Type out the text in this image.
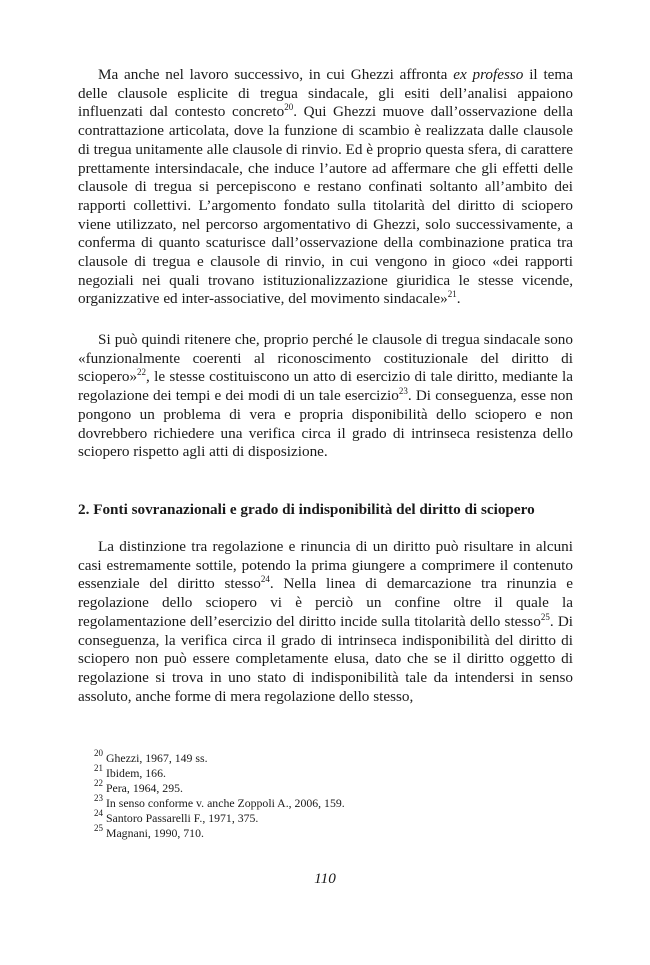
Ma anche nel lavoro successivo, in cui Ghezzi affronta ex professo il tema delle clausole esplicite di tregua sindacale, gli esiti dell’analisi appaiono influenzati dal contesto concreto$^{20}$. Qui Ghezzi muove dall’osservazione della contrattazione articolata, dove la funzione di scambio è realizzata dalle clausole di tregua unitamente alle clausole di rinvio. Ed è proprio questa sfera, di carattere prettamente intersindacale, che induce l’autore ad affermare che gli effetti delle clausole di tregua si percepiscono e restano confinati soltanto all’ambito dei rapporti collettivi. L’argomento fondato sulla titolarità del diritto di sciopero viene utilizzato, nel percorso argomentativo di Ghezzi, solo successivamente, a conferma di quanto scaturisce dall’osservazione della combinazione pratica tra clausole di tregua e clausole di rinvio, in cui vengono in gioco «dei rapporti negoziali nei quali trovano istituzionalizzazione giuridica le stesse vicende, organizzative ed inter-associative, del movimento sindacale»$^{21}$.

Si può quindi ritenere che, proprio perché le clausole di tregua sindacale sono «funzionalmente coerenti al riconoscimento costituzionale del diritto di sciopero»$^{22}$, le stesse costituiscono un atto di esercizio di tale diritto, mediante la regolazione dei tempi e dei modi di un tale esercizio$^{23}$. Di conseguenza, esse non pongono un problema di vera e propria disponibilità dello sciopero e non dovrebbero richiedere una verifica circa il grado di intrinseca resistenza dello sciopero rispetto agli atti di disposizione.

2. Fonti sovranazionali e grado di indisponibilità del diritto di sciopero

La distinzione tra regolazione e rinuncia di un diritto può risultare in alcuni casi estremamente sottile, potendo la prima giungere a comprimere il contenuto essenziale del diritto stesso$^{24}$. Nella linea di demarcazione tra rinunzia e regolazione dello sciopero vi è perciò un confine oltre il quale la regolamentazione dell’esercizio del diritto incide sulla titolarità dello stesso$^{25}$. Di conseguenza, la verifica circa il grado di intrinseca indisponibilità del diritto di sciopero non può essere completamente elusa, dato che se il diritto oggetto di regolazione si trova in uno stato di indisponibilità tale da intendersi in senso assoluto, anche forme di mera regolazione dello stesso,

$^{20}$ Ghezzi, 1967, 149 ss.

$^{21}$ Ibidem, 166.

$^{22}$ Pera, 1964, 295.

$^{23}$ In senso conforme v. anche Zoppoli A., 2006, 159.

$^{24}$ Santoro Passarelli F., 1971, 375.

$^{25}$ Magnani, 1990, 710.

110
